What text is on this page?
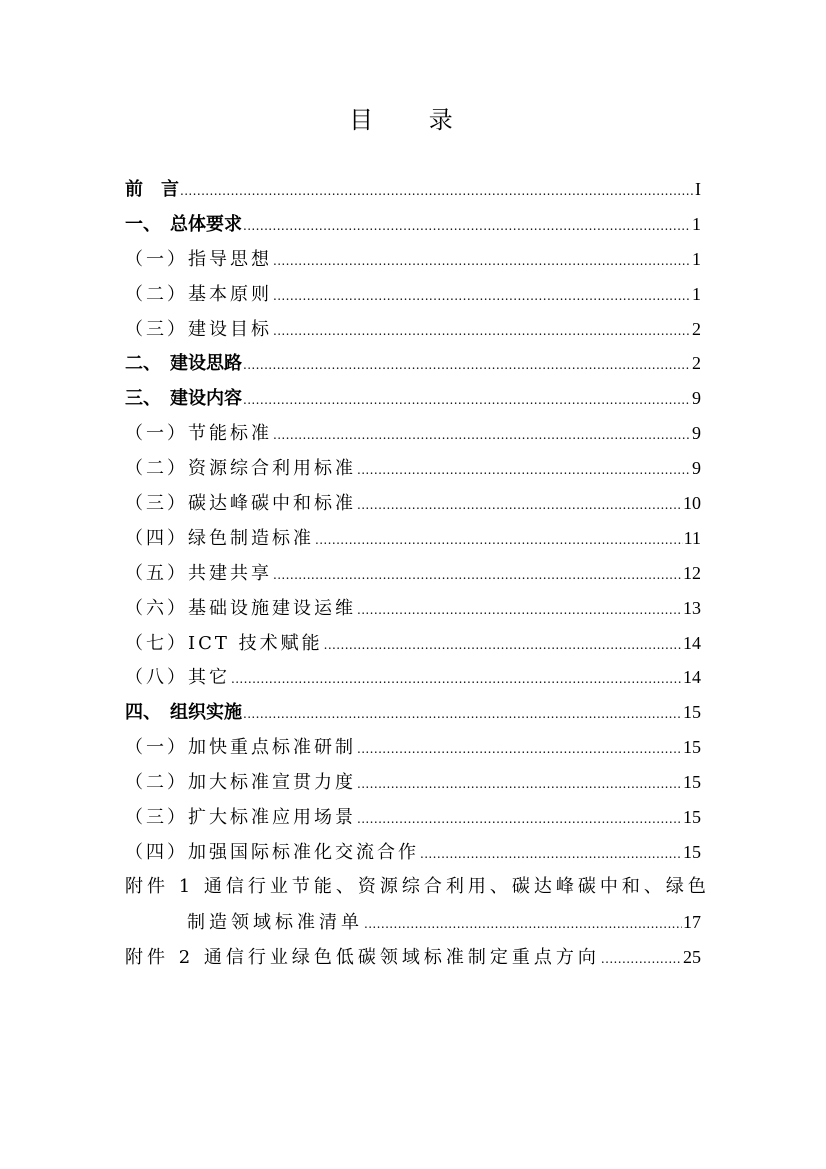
目 录
前　言 .....	I
一、　总体要求 .....	1
（一）指导思想 .....	1
（二）基本原则 .....	1
（三）建设目标 .....	2
二、　建设思路 .....	2
三、　建设内容 .....	9
（一）节能标准 .....	9
（二）资源综合利用标准 .....	9
（三）碳达峰碳中和标准 .....	10
（四）绿色制造标准 .....	11
（五）共建共享 .....	12
（六）基础设施建设运维 .....	13
（七）ICT 技术赋能 .....	14
（八）其它 .....	14
四、　组织实施 .....	15
（一）加快重点标准研制 .....	15
（二）加大标准宣贯力度 .....	15
（三）扩大标准应用场景 .....	15
（四）加强国际标准化交流合作 .....	15
附件 1 通信行业节能、资源综合利用、碳达峰碳中和、绿色
制造领域标准清单 .....	17
附件 2 通信行业绿色低碳领域标准制定重点方向 .....	25
